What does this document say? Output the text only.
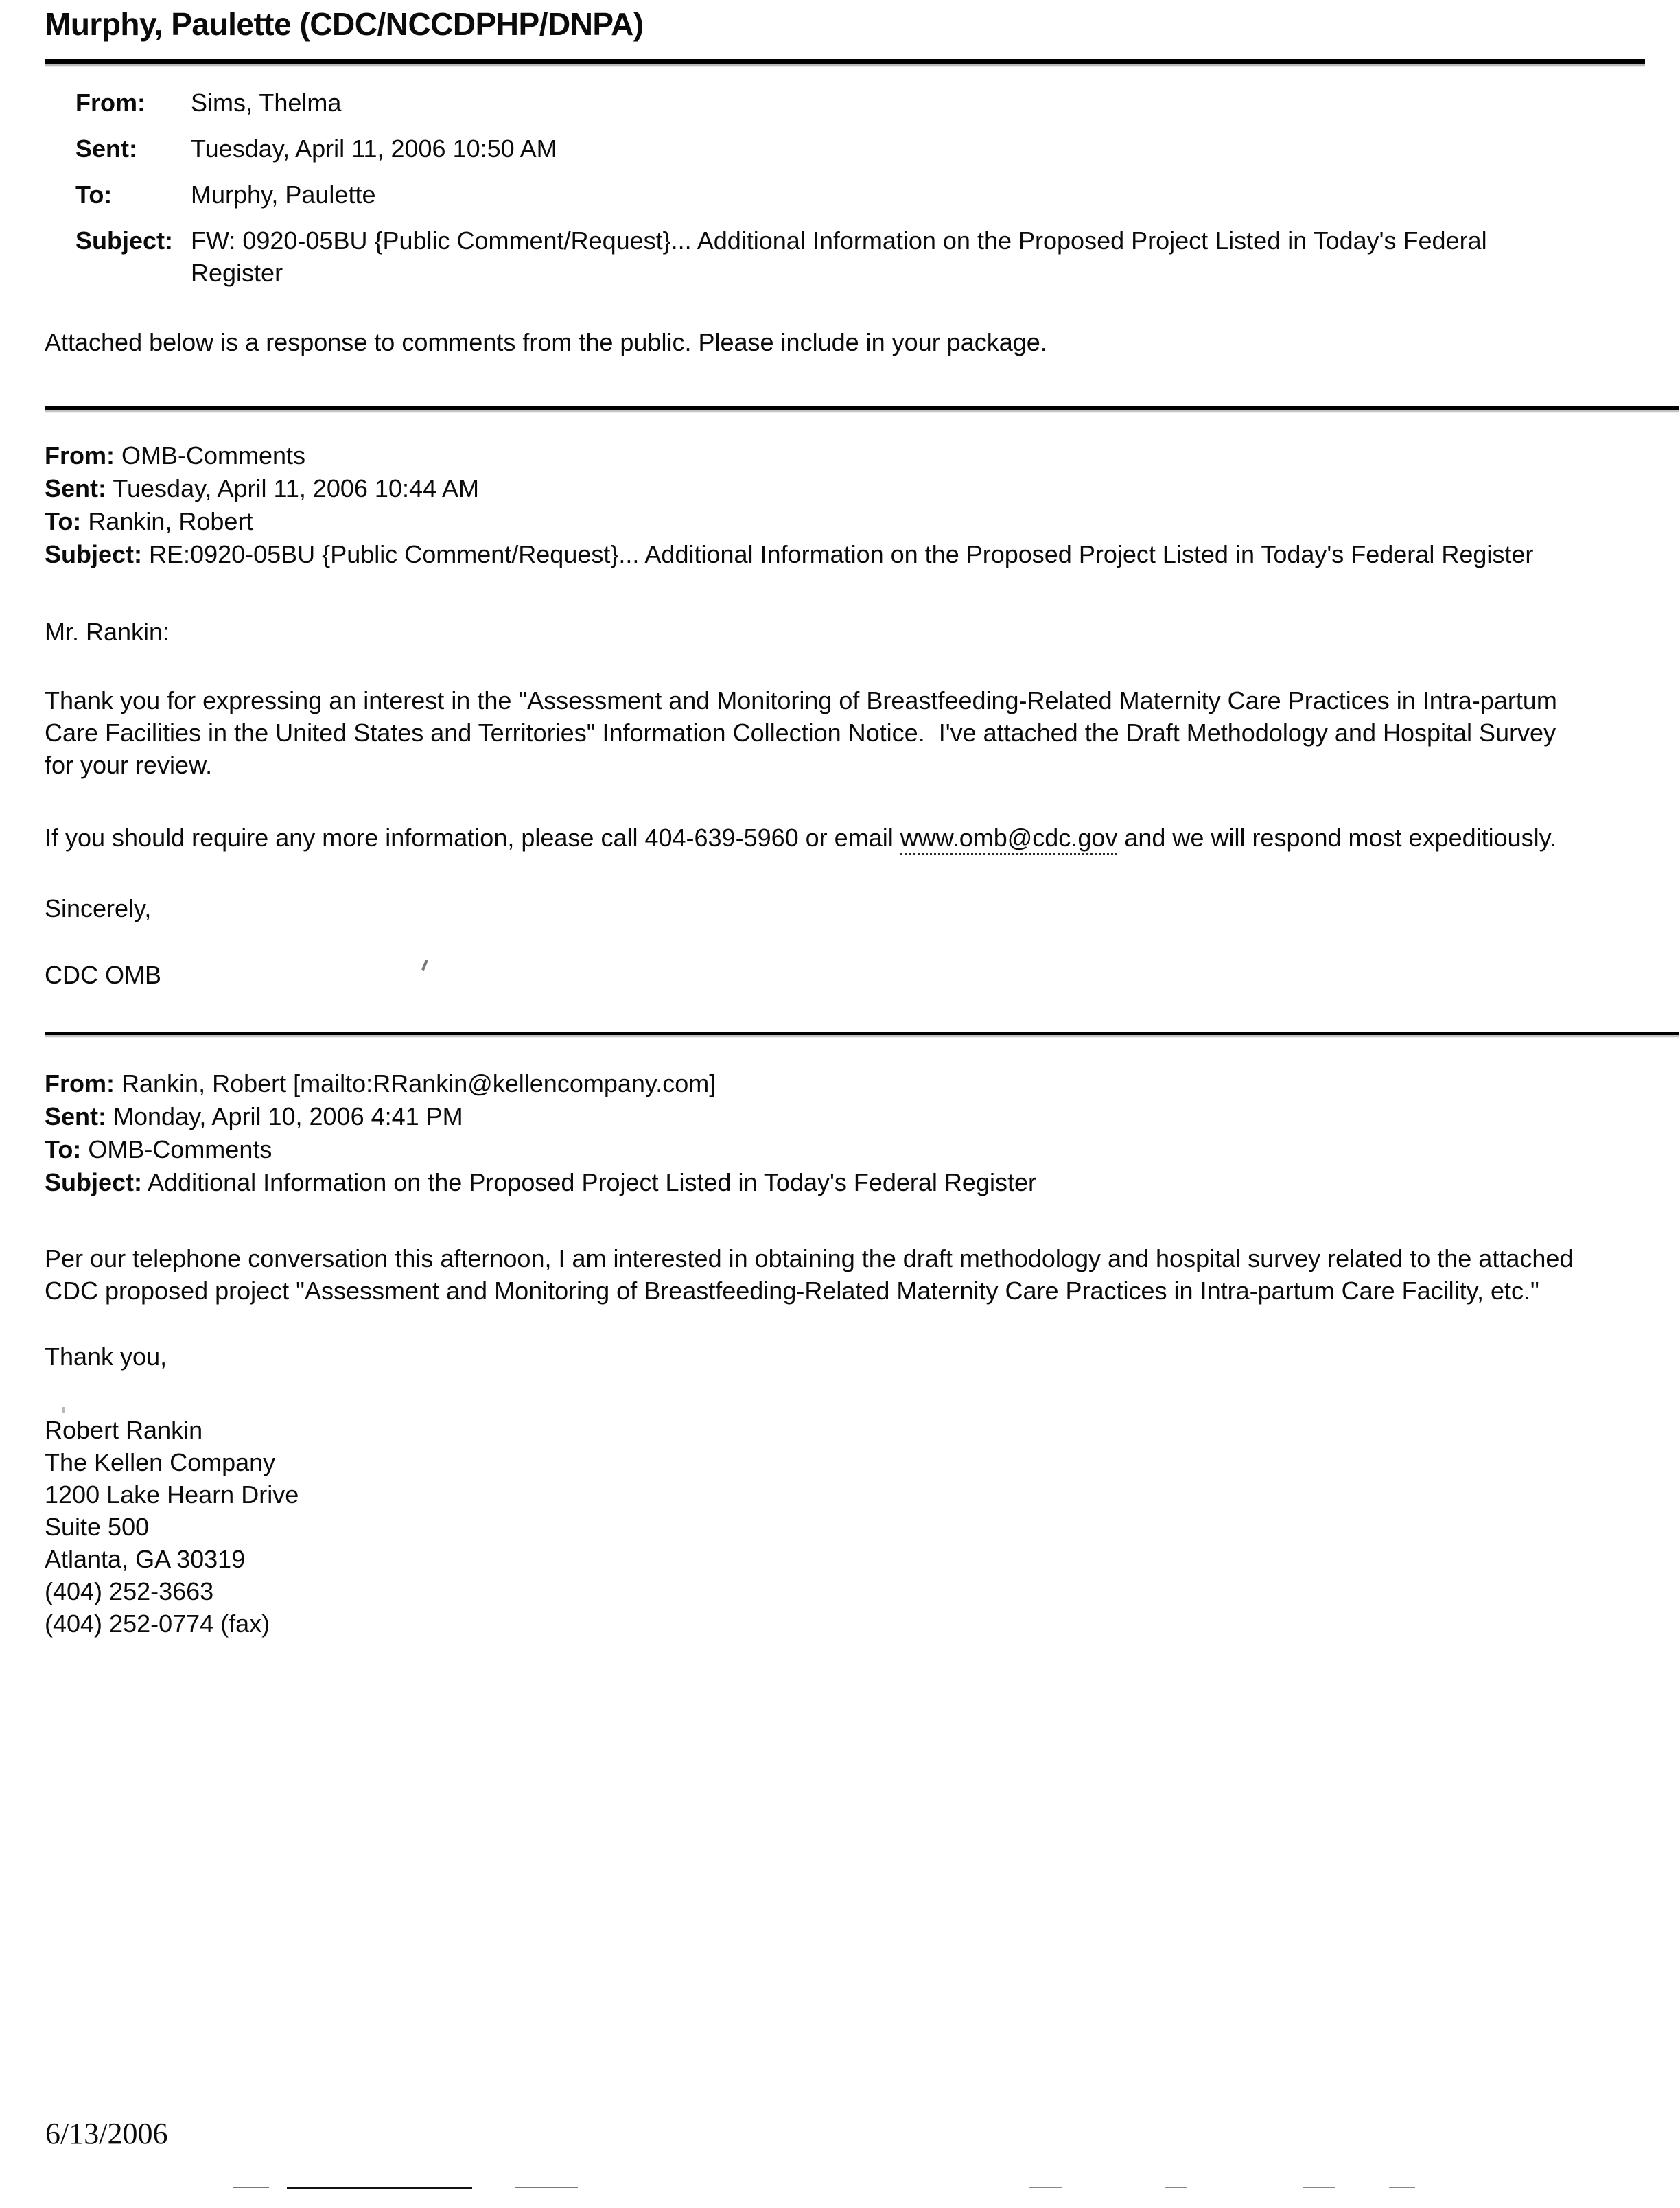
Murphy, Paulette (CDC/NCCDPHP/DNPA)
From:	Sims, Thelma
Sent:	Tuesday, April 11, 2006 10:50 AM
To:	Murphy, Paulette
Subject: FW: 0920-05BU {Public Comment/Request}... Additional Information on the Proposed Project Listed in Today's Federal Register

Attached below is a response to comments from the public. Please include in your package.

From: OMB-Comments

Sent: Tuesday, April 11, 2006 10:44 AM

To: Rankin, Robert

Subject: RE:0920-05BU {Public Comment/Request}... Additional Information on the Proposed Project Listed in Today's Federal Register

Mr. Rankin:

Thank you for expressing an interest in the "Assessment and Monitoring of Breastfeeding-Related Maternity Care Practices in Intra-partum Care Facilities in the United States and Territories" Information Collection Notice.  I've attached the Draft Methodology and Hospital Survey for your review.

If you should require any more information, please call 404-639-5960 or email www.omb@cdc.gov and we will respond most expeditiously.

Sincerely,

CDC OMB

From: Rankin, Robert [mailto:RRankin@kellencompany.com]

Sent: Monday, April 10, 2006 4:41 PM

To: OMB-Comments

Subject: Additional Information on the Proposed Project Listed in Today's Federal Register

Per our telephone conversation this afternoon, I am interested in obtaining the draft methodology and hospital survey related to the attached CDC proposed project "Assessment and Monitoring of Breastfeeding-Related Maternity Care Practices in Intra-partum Care Facility, etc."

Thank you,

Robert Rankin

The Kellen Company

1200 Lake Hearn Drive

Suite 500

Atlanta, GA 30319

(404) 252-3663

(404) 252-0774 (fax)

6/13/2006
